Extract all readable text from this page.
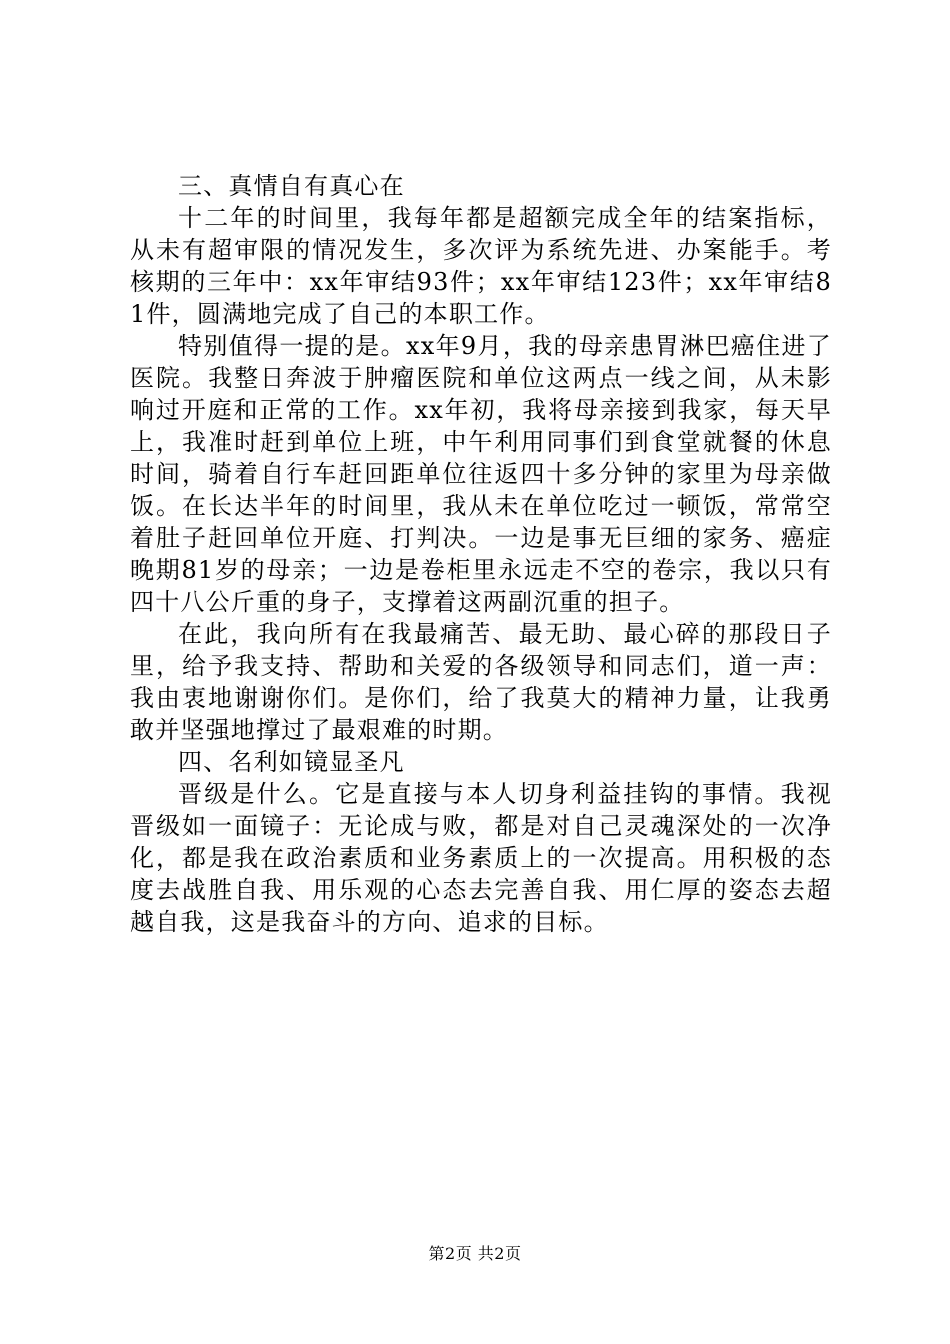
三、真情自有真心在

十二年的时间里，我每年都是超额完成全年的结案指标，从未有超审限的情况发生，多次评为系统先进、办案能手。考核期的三年中：xx年审结93件；xx年审结123件；xx年审结81件，圆满地完成了自己的本职工作。

特别值得一提的是。xx年9月，我的母亲患胃淋巴癌住进了医院。我整日奔波于肿瘤医院和单位这两点一线之间，从未影响过开庭和正常的工作。xx年初，我将母亲接到我家，每天早上，我准时赶到单位上班，中午利用同事们到食堂就餐的休息时间，骑着自行车赶回距单位往返四十多分钟的家里为母亲做饭。在长达半年的时间里，我从未在单位吃过一顿饭，常常空着肚子赶回单位开庭、打判决。一边是事无巨细的家务、癌症晚期81岁的母亲；一边是卷柜里永远走不空的卷宗，我以只有四十八公斤重的身子，支撑着这两副沉重的担子。

在此，我向所有在我最痛苦、最无助、最心碎的那段日子里，给予我支持、帮助和关爱的各级领导和同志们，道一声：我由衷地谢谢你们。是你们，给了我莫大的精神力量，让我勇敢并坚强地撑过了最艰难的时期。

四、名利如镜显圣凡

晋级是什么。它是直接与本人切身利益挂钩的事情。我视晋级如一面镜子：无论成与败，都是对自己灵魂深处的一次净化，都是我在政治素质和业务素质上的一次提高。用积极的态度去战胜自我、用乐观的心态去完善自我、用仁厚的姿态去超越自我，这是我奋斗的方向、追求的目标。

第2页 共2页
